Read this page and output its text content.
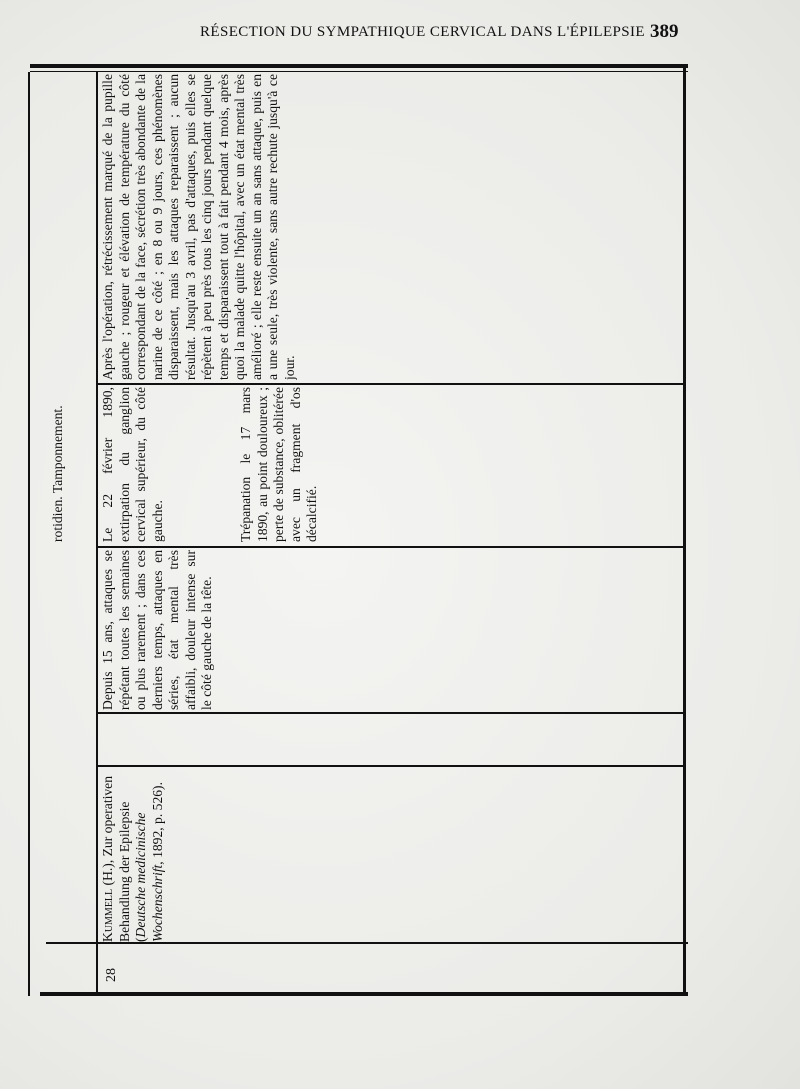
RÉSECTION DU SYMPATHIQUE CERVICAL DANS L'ÉPILEPSIE 389
28
Kummell (H.), Zur operativen Behandlung der Epilepsie (Deutsche medicinische Wochenschrift, 1892, p. 526).
Depuis 15 ans, attaques se répétant toutes les semaines ou plus rarement ; dans ces derniers temps, attaques en séries, état mental très affaibli, douleur intense sur le côté gauche de la tête.
rotidien. Tamponnement.	Le 22 février 1890, extirpation du ganglion cervical supérieur, du côté gauche.	Trépanation le 17 mars 1890, au point douloureux ; perte de substance, oblitérée avec un fragment d'os décalcifié.
Après l'opération, rétrécissement marqué de la pupille gauche ; rougeur et élévation de température du côté correspondant de la face, sécrétion très abondante de la narine de ce côté ; en 8 ou 9 jours, ces phénomènes disparaissent, mais les attaques reparaissent ; aucun résultat. Jusqu'au 3 avril, pas d'attaques, puis elles se répètent à peu près tous les cinq jours pendant quelque temps et disparaissent tout à fait pendant 4 mois, après quoi la malade quitte l'hôpital, avec un état mental très amélioré ; elle reste ensuite un an sans attaque, puis en a une seule, très violente, sans autre rechute jusqu'à ce jour.
